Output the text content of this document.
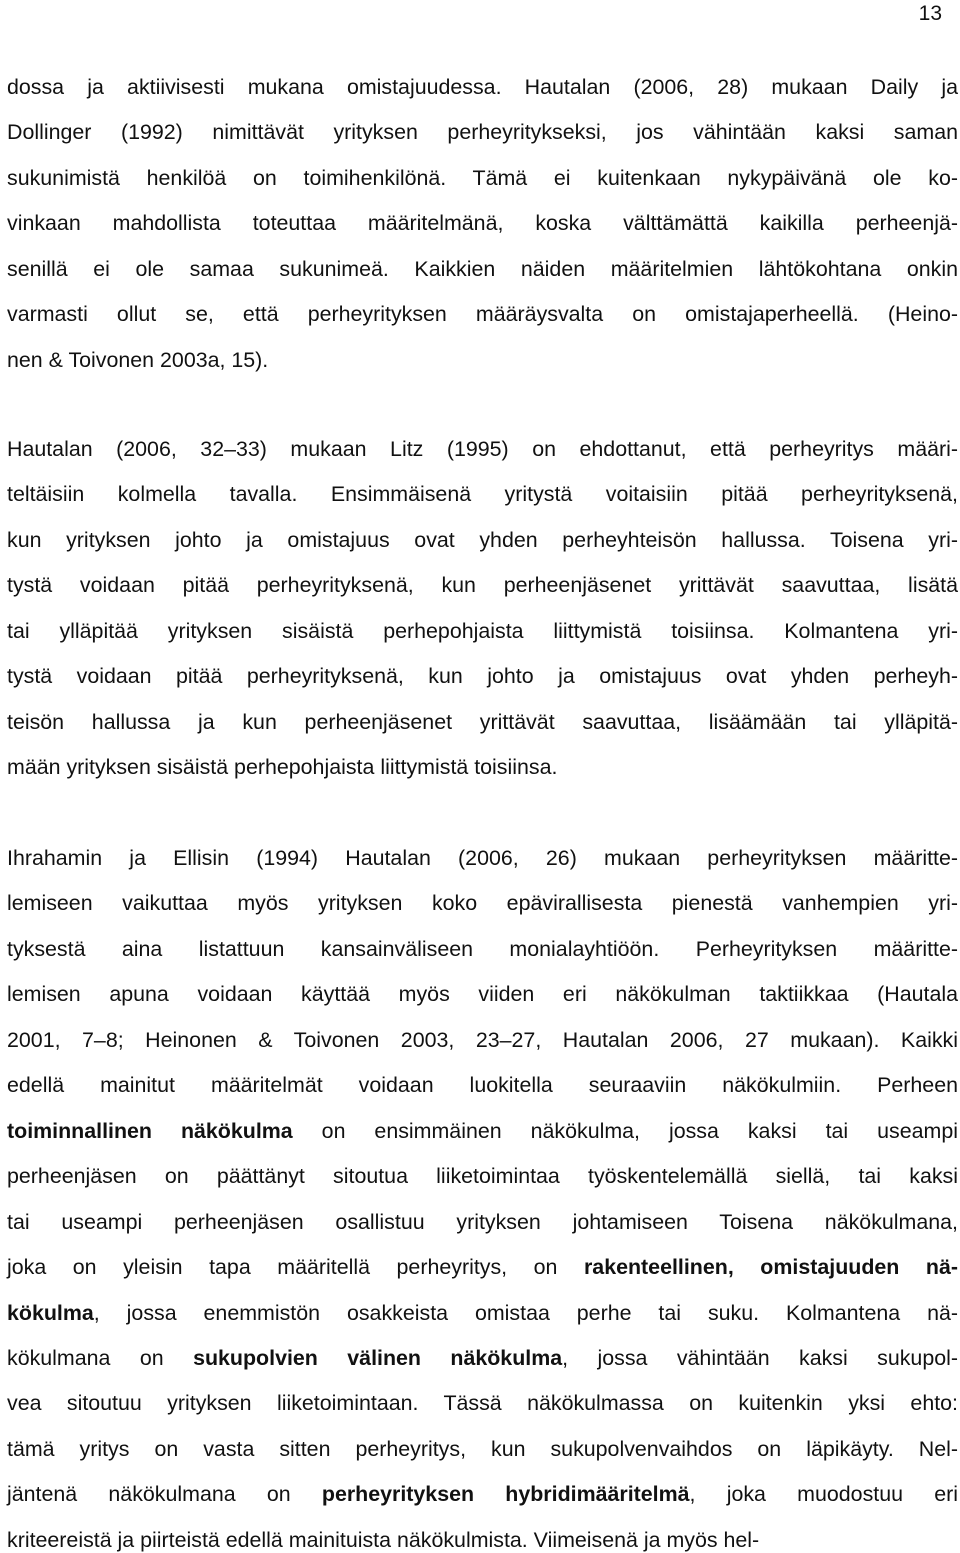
13
dossa ja aktiivisesti mukana omistajuudessa. Hautalan (2006, 28) mukaan Daily ja
Dollinger (1992) nimittävät yrityksen perheyritykseksi, jos vähintään kaksi saman
sukunimistä henkilöä on toimihenkilönä. Tämä ei kuitenkaan nykypäivänä ole ko-
vinkaan mahdollista toteuttaa määritelmänä, koska välttämättä kaikilla perheenjä-
senillä ei ole samaa sukunimeä. Kaikkien näiden määritelmien lähtökohtana onkin
varmasti ollut se, että perheyrityksen määräysvalta on omistajaperheellä. (Heino-
nen & Toivonen 2003a, 15).
Hautalan (2006, 32–33) mukaan Litz (1995) on ehdottanut, että perheyritys määri-
teltäisiin kolmella tavalla. Ensimmäisenä yritystä voitaisiin pitää perheyrityksenä,
kun yrityksen johto ja omistajuus ovat yhden perheyhteisön hallussa. Toisena yri-
tystä voidaan pitää perheyrityksenä, kun perheenjäsenet yrittävät saavuttaa, lisätä
tai ylläpitää yrityksen sisäistä perhepohjaista liittymistä toisiinsa. Kolmantena yri-
tystä voidaan pitää perheyrityksenä, kun johto ja omistajuus ovat yhden perheyh-
teisön hallussa ja kun perheenjäsenet yrittävät saavuttaa, lisäämään tai ylläpitä-
mään yrityksen sisäistä perhepohjaista liittymistä toisiinsa.
Ihrahamin ja Ellisin (1994) Hautalan (2006, 26) mukaan perheyrityksen määritte-
lemiseen vaikuttaa myös yrityksen koko epävirallisesta pienestä vanhempien yri-
tyksestä aina listattuun kansainväliseen monialayhtiöön. Perheyrityksen määritte-
lemisen apuna voidaan käyttää myös viiden eri näkökulman taktiikkaa (Hautala
2001, 7–8; Heinonen & Toivonen 2003, 23–27, Hautalan 2006, 27 mukaan). Kaikki
edellä mainitut määritelmät voidaan luokitella seuraaviin näkökulmiin. Perheen
toiminnallinen näkökulma on ensimmäinen näkökulma, jossa kaksi tai useampi
perheenjäsen on päättänyt sitoutua liiketoimintaa työskentelemällä siellä, tai kaksi
tai useampi perheenjäsen osallistuu yrityksen johtamiseen Toisena näkökulmana,
joka on yleisin tapa määritellä perheyritys, on rakenteellinen, omistajuuden nä-
kökulma, jossa enemmistön osakkeista omistaa perhe tai suku. Kolmantena nä-
kökulmana on sukupolvien välinen näkökulma, jossa vähintään kaksi sukupol-
vea sitoutuu yrityksen liiketoimintaan. Tässä näkökulmassa on kuitenkin yksi ehto:
tämä yritys on vasta sitten perheyritys, kun sukupolvenvaihdos on läpikäyty. Nel-
jäntenä näkökulmana on perheyrityksen hybridimääritelmä, joka muodostuu eri
kriteereistä ja piirteistä edellä mainituista näkökulmista. Viimeisenä ja myös hel-
